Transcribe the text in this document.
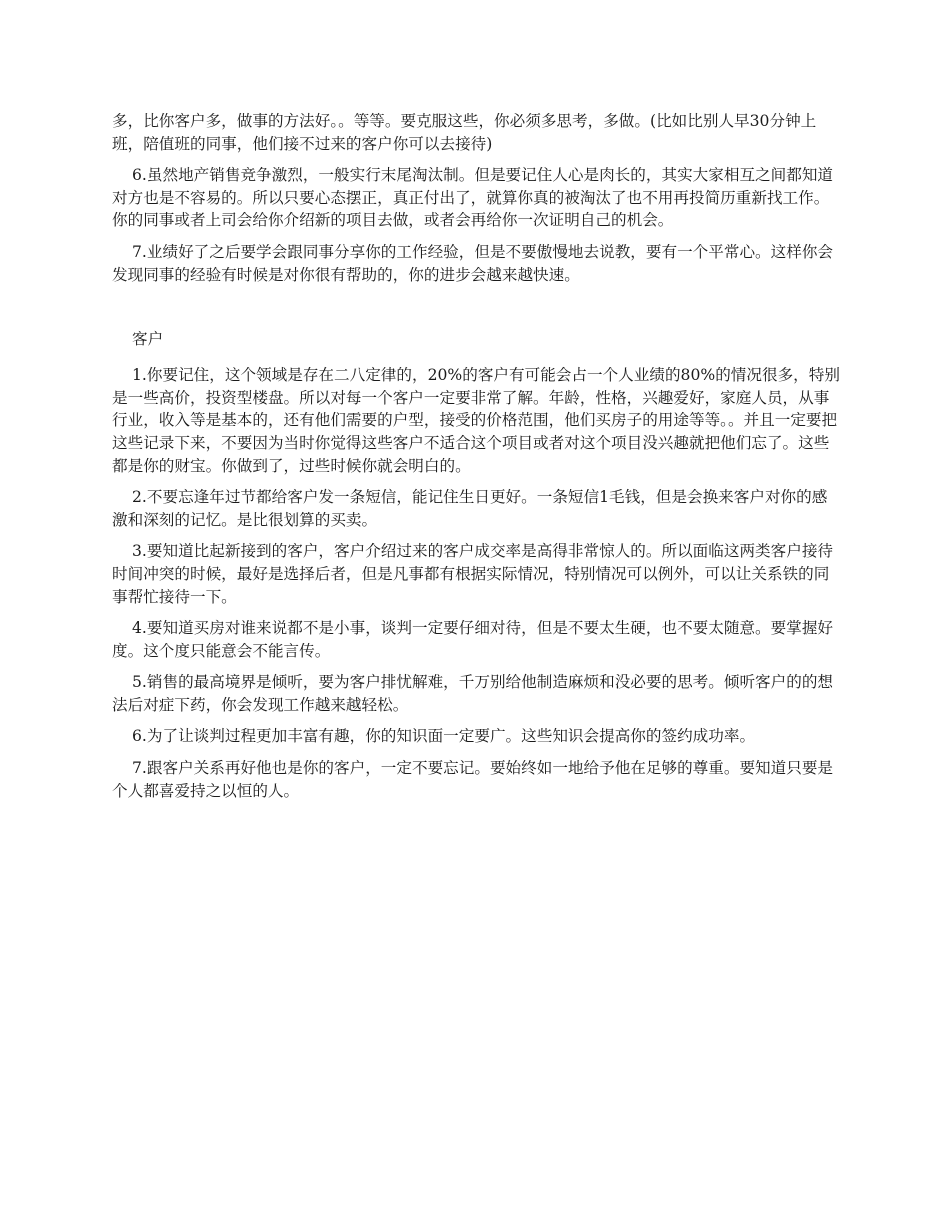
多，比你客户多，做事的方法好。。等等。要克服这些，你必须多思考，多做。(比如比别人早30分钟上班，陪值班的同事，他们接不过来的客户你可以去接待)

6.虽然地产销售竞争激烈，一般实行末尾淘汰制。但是要记住人心是肉长的，其实大家相互之间都知道对方也是不容易的。所以只要心态摆正，真正付出了，就算你真的被淘汰了也不用再投简历重新找工作。你的同事或者上司会给你介绍新的项目去做，或者会再给你一次证明自己的机会。

7.业绩好了之后要学会跟同事分享你的工作经验，但是不要傲慢地去说教，要有一个平常心。这样你会发现同事的经验有时候是对你很有帮助的，你的进步会越来越快速。

客户

1.你要记住，这个领域是存在二八定律的，20%的客户有可能会占一个人业绩的80%的情况很多，特别是一些高价，投资型楼盘。所以对每一个客户一定要非常了解。年龄，性格，兴趣爱好，家庭人员，从事行业，收入等是基本的，还有他们需要的户型，接受的价格范围，他们买房子的用途等等。。并且一定要把这些记录下来，不要因为当时你觉得这些客户不适合这个项目或者对这个项目没兴趣就把他们忘了。这些都是你的财宝。你做到了，过些时候你就会明白的。

2.不要忘逢年过节都给客户发一条短信，能记住生日更好。一条短信1毛钱，但是会换来客户对你的感激和深刻的记忆。是比很划算的买卖。

3.要知道比起新接到的客户，客户介绍过来的客户成交率是高得非常惊人的。所以面临这两类客户接待时间冲突的时候，最好是选择后者，但是凡事都有根据实际情况，特别情况可以例外，可以让关系铁的同事帮忙接待一下。

4.要知道买房对谁来说都不是小事，谈判一定要仔细对待，但是不要太生硬，也不要太随意。要掌握好度。这个度只能意会不能言传。

5.销售的最高境界是倾听，要为客户排忧解难，千万别给他制造麻烦和没必要的思考。倾听客户的的想法后对症下药，你会发现工作越来越轻松。

6.为了让谈判过程更加丰富有趣，你的知识面一定要广。这些知识会提高你的签约成功率。

7.跟客户关系再好他也是你的客户，一定不要忘记。要始终如一地给予他在足够的尊重。要知道只要是个人都喜爱持之以恒的人。
